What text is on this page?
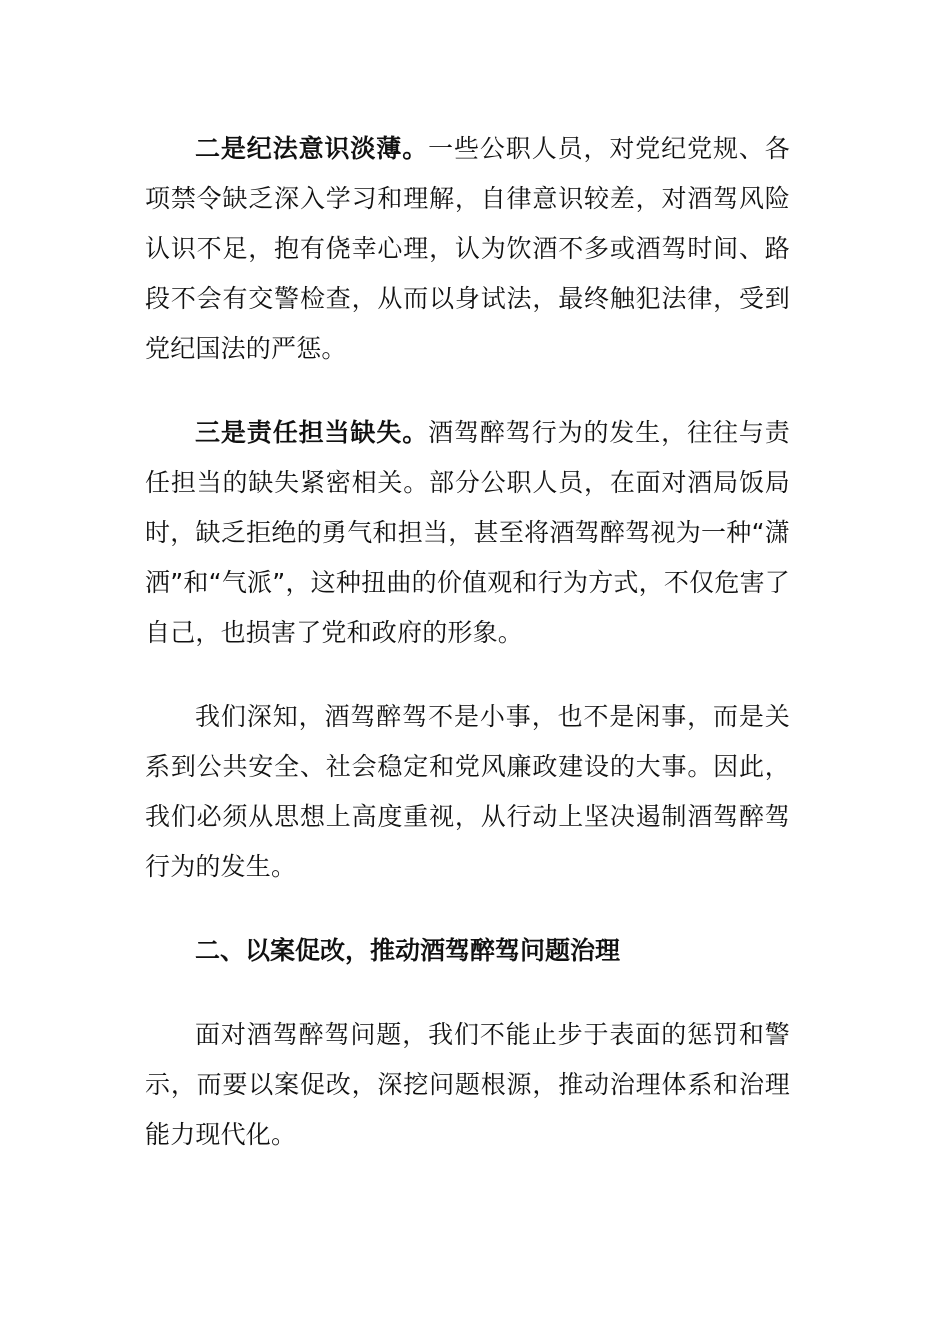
二是纪法意识淡薄。一些公职人员，对党纪党规、各项禁令缺乏深入学习和理解，自律意识较差，对酒驾风险认识不足，抱有侥幸心理，认为饮酒不多或酒驾时间、路段不会有交警检查，从而以身试法，最终触犯法律，受到党纪国法的严惩。

三是责任担当缺失。酒驾醉驾行为的发生，往往与责任担当的缺失紧密相关。部分公职人员，在面对酒局饭局时，缺乏拒绝的勇气和担当，甚至将酒驾醉驾视为一种“潇洒”和“气派”，这种扭曲的价值观和行为方式，不仅危害了自己，也损害了党和政府的形象。

我们深知，酒驾醉驾不是小事，也不是闲事，而是关系到公共安全、社会稳定和党风廉政建设的大事。因此，我们必须从思想上高度重视，从行动上坚决遏制酒驾醉驾行为的发生。

二、以案促改，推动酒驾醉驾问题治理

面对酒驾醉驾问题，我们不能止步于表面的惩罚和警示，而要以案促改，深挖问题根源，推动治理体系和治理能力现代化。
